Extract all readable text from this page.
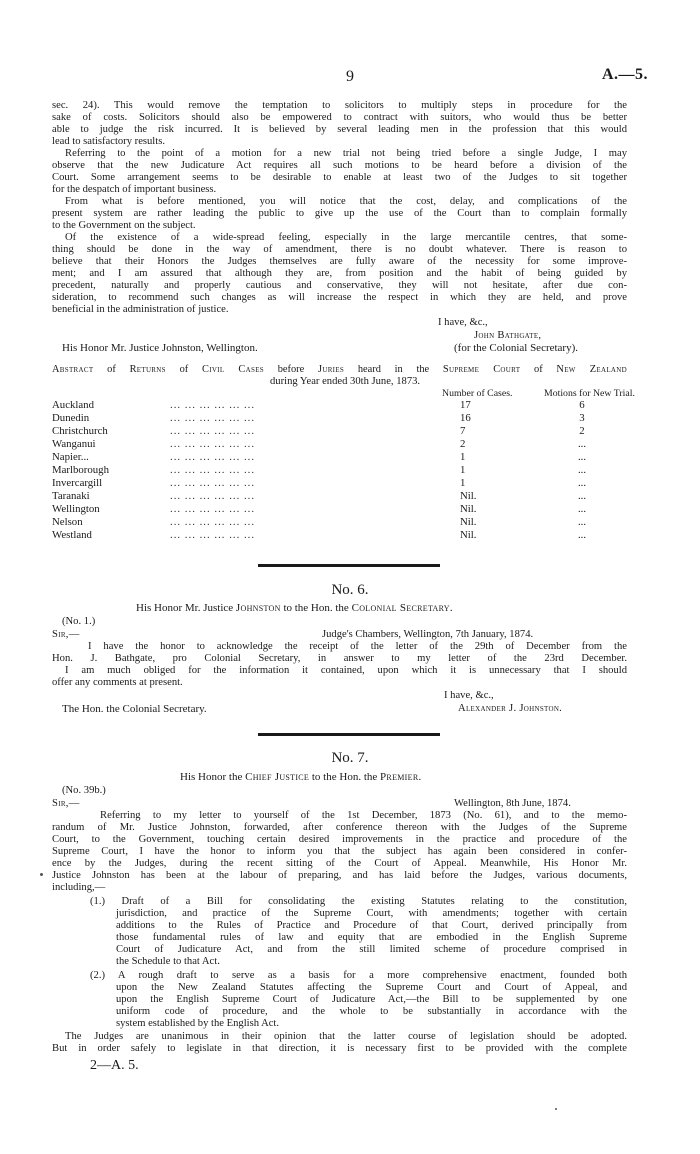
9	A.—5.
sec. 24). This would remove the temptation to solicitors to multiply steps in procedure for the
sake of costs. Solicitors should also be empowered to contract with suitors, who would thus be better
able to judge the risk incurred. It is believed by several leading men in the profession that this would
lead to satisfactory results.
Referring to the point of a motion for a new trial not being tried before a single Judge, I may
observe that the new Judicature Act requires all such motions to be heard before a division of the
Court. Some arrangement seems to be desirable to enable at least two of the Judges to sit together
for the despatch of important business.
From what is before mentioned, you will notice that the cost, delay, and complications of the
present system are rather leading the public to give up the use of the Court than to complain formally
to the Government on the subject.
Of the existence of a wide-spread feeling, especially in the large mercantile centres, that some-
thing should be done in the way of amendment, there is no doubt whatever. There is reason to
believe that their Honors the Judges themselves are fully aware of the necessity for some improve-
ment; and I am assured that although they are, from position and the habit of being guided by
precedent, naturally and properly cautious and conservative, they will not hesitate, after due con-
sideration, to recommend such changes as will increase the respect in which they are held, and prove
beneficial in the administration of justice.
I have, &c.,
John Bathgate,
His Honor Mr. Justice Johnston, Wellington.	(for the Colonial Secretary).
Abstract of Returns of Civil Cases before Juries heard in the Supreme Court of New Zealand
during Year ended 30th June, 1873.
Number of Cases.	Motions for New Trial.
Auckland	... ... ... ... ... ...	17	6
Dunedin	... ... ... ... ... ...	16	3
Christchurch	... ... ... ... ... ...	7	2
Wanganui	... ... ... ... ... ...	2	...
Napier...	... ... ... ... ... ...	1	...
Marlborough	... ... ... ... ... ...	1	...
Invercargill	... ... ... ... ... ...	1	...
Taranaki	... ... ... ... ... ...	Nil.	...
Wellington	... ... ... ... ... ...	Nil.	...
Nelson	... ... ... ... ... ...	Nil.	...
Westland	... ... ... ... ... ...	Nil.	...
No. 6.
His Honor Mr. Justice Johnston to the Hon. the Colonial Secretary.
(No. 1.)
Sir,—	Judge's Chambers, Wellington, 7th January, 1874.
I have the honor to acknowledge the receipt of the letter of the 29th of December from the
Hon. J. Bathgate, pro Colonial Secretary, in answer to my letter of the 23rd December.
I am much obliged for the information it contained, upon which it is unnecessary that I should
offer any comments at present.
I have, &c.,
The Hon. the Colonial Secretary.	Alexander J. Johnston.
No. 7.
His Honor the Chief Justice to the Hon. the Premier.
(No. 39b.)
Sir,—	Wellington, 8th June, 1874.
Referring to my letter to yourself of the 1st December, 1873 (No. 61), and to the memo-
randum of Mr. Justice Johnston, forwarded, after conference thereon with the Judges of the Supreme
Court, to the Government, touching certain desired improvements in the practice and procedure of the
Supreme Court, I have the honor to inform you that the subject has again been considered in confer-
ence by the Judges, during the recent sitting of the Court of Appeal. Meanwhile, His Honor Mr.
Justice Johnston has been at the labour of preparing, and has laid before the Judges, various documents,
including,—
(1.) Draft of a Bill for consolidating the existing Statutes relating to the constitution,
jurisdiction, and practice of the Supreme Court, with amendments; together with certain
additions to the Rules of Practice and Procedure of that Court, derived principally from
those fundamental rules of law and equity that are embodied in the English Supreme
Court of Judicature Act, and from the still limited scheme of procedure comprised in
the Schedule to that Act.
(2.) A rough draft to serve as a basis for a more comprehensive enactment, founded both
upon the New Zealand Statutes affecting the Supreme Court and Court of Appeal, and
upon the English Supreme Court of Judicature Act,—the Bill to be supplemented by one
uniform code of procedure, and the whole to be substantially in accordance with the
system established by the English Act.
The Judges are unanimous in their opinion that the latter course of legislation should be adopted.
But in order safely to legislate in that direction, it is necessary first to be provided with the complete
2—A. 5.
